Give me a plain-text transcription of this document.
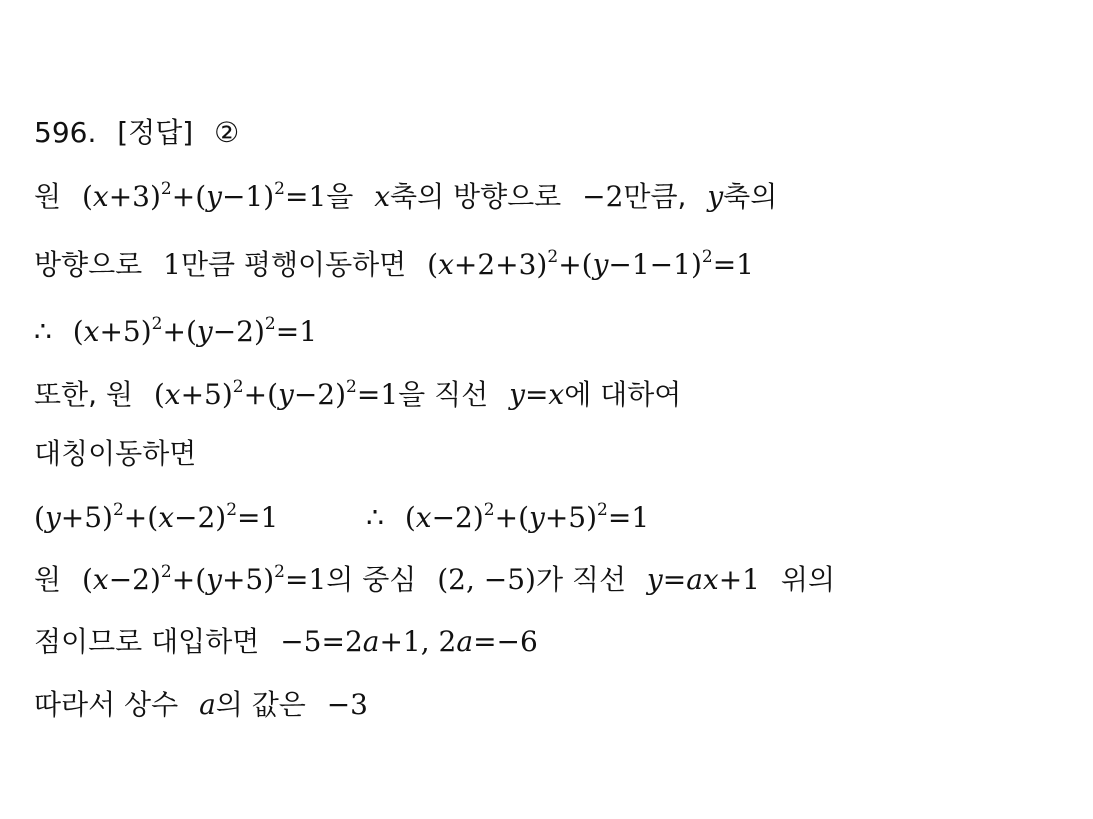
596. [정답] ②
원 $(x+3)^2+(y-1)^2=1$을 x축의 방향으로 −2만큼, y축의
방향으로 1만큼 평행이동하면 $(x+2+3)^2+(y-1-1)^2=1$
∴ $(x+5)^2+(y-2)^2=1$
또한, 원 $(x+5)^2+(y-2)^2=1$을 직선 y=x에 대하여
대칭이동하면
$(y+5)^2+(x-2)^2=1$	∴ $(x-2)^2+(y+5)^2=1$
원 $(x-2)^2+(y+5)^2=1$의 중심 (2, −5)가 직선 y=ax+1 위의
점이므로 대입하면 −5=2a+1, 2a=−6
따라서 상수 a의 값은 −3
